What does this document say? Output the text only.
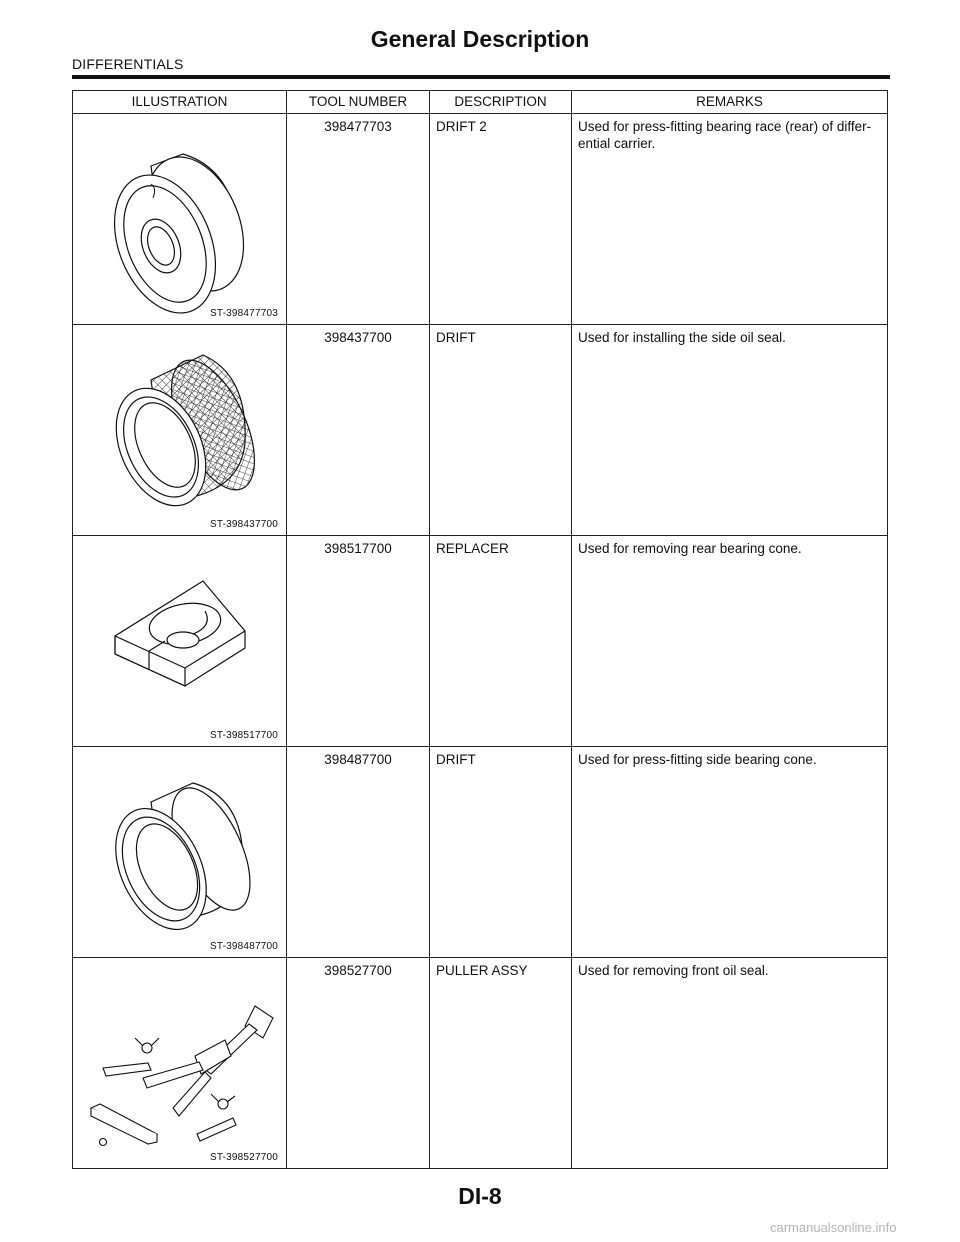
General Description
DIFFERENTIALS
ILLUSTRATION	TOOL NUMBER	DESCRIPTION	REMARKS

ST-398477703	398477703	DRIFT 2	Used for press-fitting bearing race (rear) of differ-
ential carrier.

ST-398437700	398437700	DRIFT	Used for installing the side oil seal.

ST-398517700	398517700	REPLACER	Used for removing rear bearing cone.

ST-398487700	398487700	DRIFT	Used for press-fitting side bearing cone.

ST-398527700	398527700	PULLER ASSY	Used for removing front oil seal.
DI-8
carmanualsonline.info
